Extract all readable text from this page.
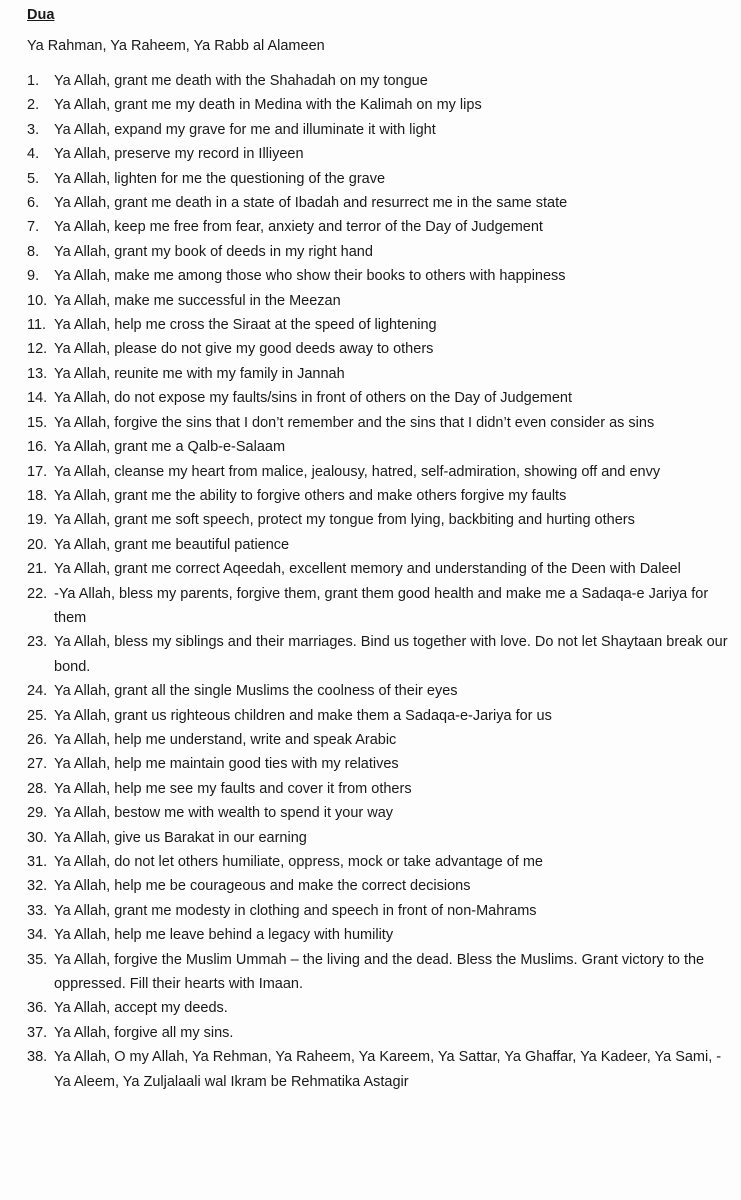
Dua
Ya Rahman, Ya Raheem, Ya Rabb al Alameen
1.	Ya Allah, grant me death with the Shahadah on my tongue
2.	Ya Allah, grant me my death in Medina with the Kalimah on my lips
3.	Ya Allah, expand my grave for me and illuminate it with light
4.	Ya Allah, preserve my record in Illiyeen
5.	Ya Allah, lighten for me the questioning of the grave
6.	Ya Allah, grant me death in a state of Ibadah and resurrect me in the same state
7.	Ya Allah, keep me free from fear, anxiety and terror of the Day of Judgement
8.	Ya Allah, grant my book of deeds in my right hand
9.	Ya Allah, make me among those who show their books to others with happiness
10. Ya Allah, make me successful in the Meezan
11. Ya Allah, help me cross the Siraat at the speed of lightening
12. Ya Allah, please do not give my good deeds away to others
13. Ya Allah, reunite me with my family in Jannah
14. Ya Allah, do not expose my faults/sins in front of others on the Day of Judgement
15. Ya Allah, forgive the sins that I don’t remember and the sins that I didn’t even consider as sins
16. Ya Allah, grant me a Qalb-e-Salaam
17. Ya Allah, cleanse my heart from malice, jealousy, hatred, self-admiration, showing off and envy
18. Ya Allah, grant me the ability to forgive others and make others forgive my faults
19. Ya Allah, grant me soft speech, protect my tongue from lying, backbiting and hurting others
20. Ya Allah, grant me beautiful patience
21. Ya Allah, grant me correct Aqeedah, excellent memory and understanding of the Deen with Daleel
22. -Ya Allah, bless my parents, forgive them, grant them good health and make me a Sadaqa-e Jariya for them
23. Ya Allah, bless my siblings and their marriages. Bind us together with love. Do not let Shaytaan break our bond.
24. Ya Allah, grant all the single Muslims the coolness of their eyes
25. Ya Allah, grant us righteous children and make them a Sadaqa-e-Jariya for us
26. Ya Allah, help me understand, write and speak Arabic
27. Ya Allah, help me maintain good ties with my relatives
28. Ya Allah, help me see my faults and cover it from others
29. Ya Allah, bestow me with wealth to spend it your way
30. Ya Allah, give us Barakat in our earning
31. Ya Allah, do not let others humiliate, oppress, mock or take advantage of me
32. Ya Allah, help me be courageous and make the correct decisions
33. Ya Allah, grant me modesty in clothing and speech in front of non-Mahrams
34. Ya Allah, help me leave behind a legacy with humility
35. Ya Allah, forgive the Muslim Ummah – the living and the dead. Bless the Muslims. Grant victory to the oppressed. Fill their hearts with Imaan.
36. Ya Allah, accept my deeds.
37. Ya Allah, forgive all my sins.
38. Ya Allah, O my Allah, Ya Rehman, Ya Raheem, Ya Kareem, Ya Sattar, Ya Ghaffar, Ya Kadeer, Ya Sami, -Ya Aleem, Ya Zuljalaali wal Ikram be Rehmatika Astagir
